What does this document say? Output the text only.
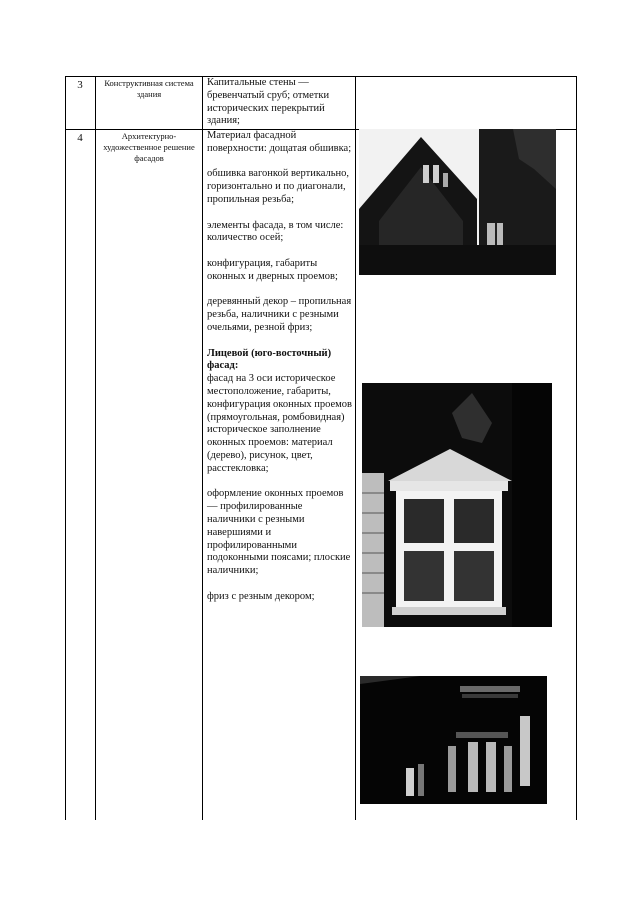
3	Конструктивная система здания
Капитальные стены — бревенчатый сруб; отметки исторических перекрытий здания;
4	Архитектурно-художественное решение фасадов

Материал фасадной поверхности: дощатая обшивка;

обшивка вагонкой вертикально, горизонтально и по диагонали, пропильная резьба;

элементы фасада, в том числе: количество осей;

конфигурация, габариты оконных и дверных проемов;

деревянный декор – пропильная резьба, наличники с резными очельями, резной фриз;

Лицевой (юго-восточный) фасад:

фасад на 3 оси историческое местоположение, габариты, конфигурация оконных проемов (прямоугольная, ромбовидная) историческое заполнение оконных проемов: материал (дерево), рисунок, цвет, расстекловка;

оформление оконных проемов — профилированные наличники с резными навершиями и профилированными подоконными поясами; плоские наличники;

фриз с резным декором;
